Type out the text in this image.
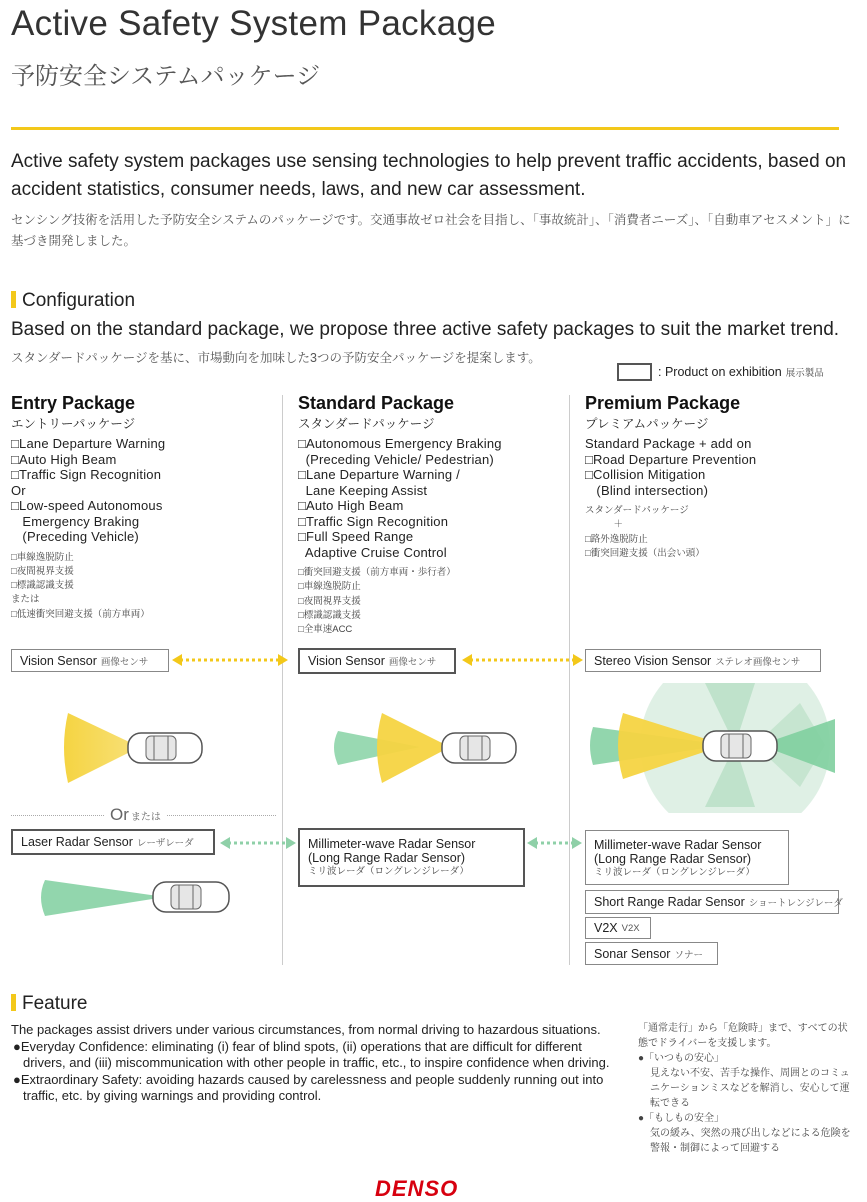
Active Safety System Package
予防安全システムパッケージ
Active safety system packages use sensing technologies to help prevent traffic accidents, based on accident statistics, consumer needs, laws, and new car assessment.
センシング技術を活用した予防安全システムのパッケージです。交通事故ゼロ社会を目指し、「事故統計」、「消費者ニーズ」、「自動車アセスメント」に基づき開発しました。
Configuration
Based on the standard package, we propose three active safety packages to suit the market trend.
スタンダードパッケージを基に、市場動向を加味した3つの予防安全パッケージを提案します。
: Product on exhibition 展示製品
Entry Package
エントリーパッケージ
□Lane Departure Warning
□Auto High Beam
□Traffic Sign Recognition
Or
□Low-speed Autonomous
Emergency Braking
(Preceding Vehicle)
□車線逸脱防止
□夜間視界支援
□標識認識支援
または
□低速衝突回避支援（前方車両）
Standard Package
スタンダードパッケージ
□Autonomous Emergency Braking
(Preceding Vehicle/ Pedestrian)
□Lane Departure Warning /
Lane Keeping Assist
□Auto High Beam
□Traffic Sign Recognition
□Full Speed Range
Adaptive Cruise Control
□衝突回避支援（前方車両・歩行者）
□車線逸脱防止
□夜間視界支援
□標識認識支援
□全車速ACC
Premium Package
プレミアムパッケージ
Standard Package + add on
□Road Departure Prevention
□Collision Mitigation
(Blind intersection)
スタンダードパッケージ
　　　＋
□路外逸脱防止
□衝突回避支援（出会い頭）
Vision Sensor 画像センサ	Vision Sensor 画像センサ	Stereo Vision Sensor ステレオ画像センサ
Or または
Laser Radar Sensor レーザレーダ	Millimeter-wave Radar Sensor
(Long Range Radar Sensor)
ミリ波レーダ（ロングレンジレーダ）
Millimeter-wave Radar Sensor
(Long Range Radar Sensor)
ミリ波レーダ（ロングレンジレーダ）
Short Range Radar Sensor ショートレンジレーダ
V2X V2X
Sonar Sensor ソナー
Feature

The packages assist drivers under various circumstances, from normal driving to hazardous situations.

●Everyday Confidence: eliminating (i) fear of blind spots, (ii) operations that are difficult for different drivers, and (iii) miscommunication with other people in traffic, etc., to inspire confidence when driving.

●Extraordinary Safety: avoiding hazards caused by carelessness and people suddenly running out into traffic, etc. by giving warnings and providing control.

「通常走行」から「危険時」まで、すべての状態でドライバーを支援します。

●「いつもの安心」

見えない不安、苦手な操作、周囲とのコミュニケーションミスなどを解消し、安心して運転できる

●「もしもの安全」

気の緩み、突然の飛び出しなどによる危険を警報・制御によって回避する

DENSO
